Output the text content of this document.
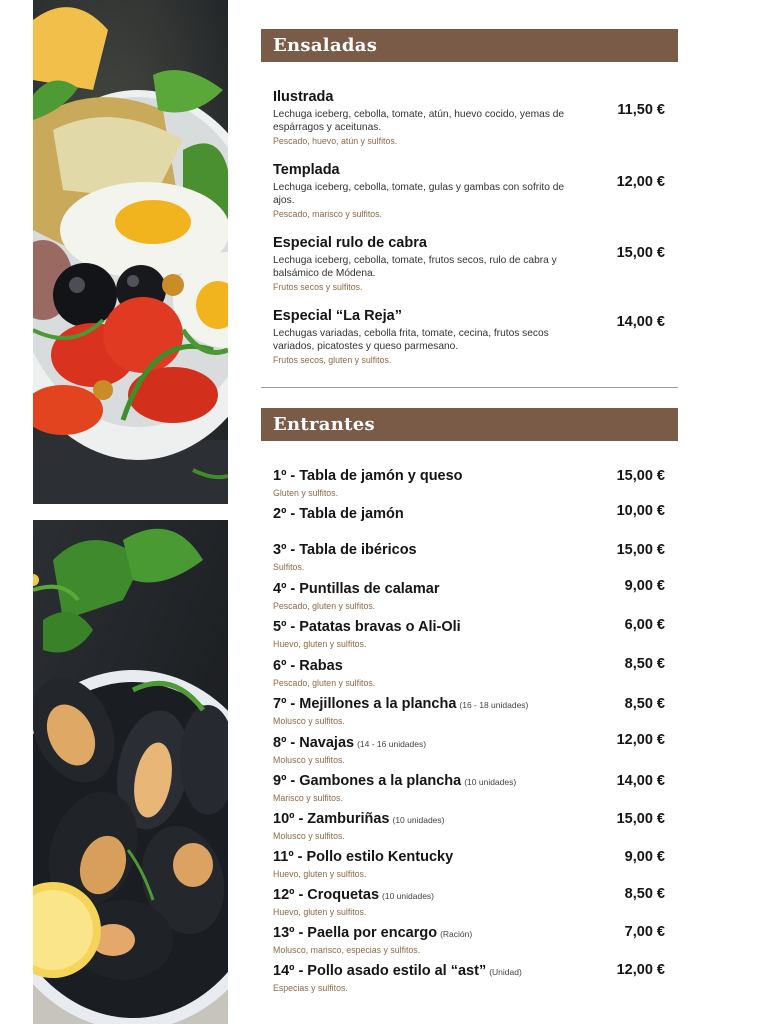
Ensaladas
Ilustrada
Lechuga iceberg, cebolla, tomate, atún, huevo cocido, yemas de espárragos y aceitunas.
Pescado, huevo, atún y sulfitos.
11,50 €
Templada
Lechuga iceberg, cebolla, tomate, gulas y gambas con sofrito de ajos.
Pescado, marisco y sulfitos.
12,00 €
Especial rulo de cabra
Lechuga iceberg, cebolla, tomate, frutos secos, rulo de cabra y balsámico de Módena.
Frutos secos y sulfitos.
15,00 €
Especial “La Reja”
Lechugas variadas, cebolla frita, tomate, cecina, frutos secos variados, picatostes y queso parmesano.
Frutos secos, gluten y sulfitos.
14,00 €
Entrantes
1º - Tabla de jamón y queso
Gluten y sulfitos.
15,00 €
2º - Tabla de jamón	10,00 €
3º - Tabla de ibéricos
Sulfitos.
15,00 €
4º - Puntillas de calamar
Pescado, gluten y sulfitos.
9,00 €
5º - Patatas bravas o Ali-Oli
Huevo, gluten y sulfitos.
6,00 €
6º - Rabas
Pescado, gluten y sulfitos.
8,50 €
7º - Mejillones a la plancha (16 - 18 unidades)
Molusco y sulfitos.
8,50 €
8º - Navajas (14 - 16 unidades)
Molusco y sulfitos.
12,00 €
9º - Gambones a la plancha (10 unidades)
Marisco y sulfitos.
14,00 €
10º - Zamburiñas (10 unidades)
Molusco y sulfitos.
15,00 €
11º - Pollo estilo Kentucky
Huevo, gluten y sulfitos.
9,00 €
12º - Croquetas (10 unidades)
Huevo, gluten y sulfitos.
8,50 €
13º - Paella por encargo (Ración)
Molusco, marisco, especias y sulfitos.
7,00 €
14º - Pollo asado estilo al “ast” (Unidad)
Especias y sulfitos.
12,00 €
